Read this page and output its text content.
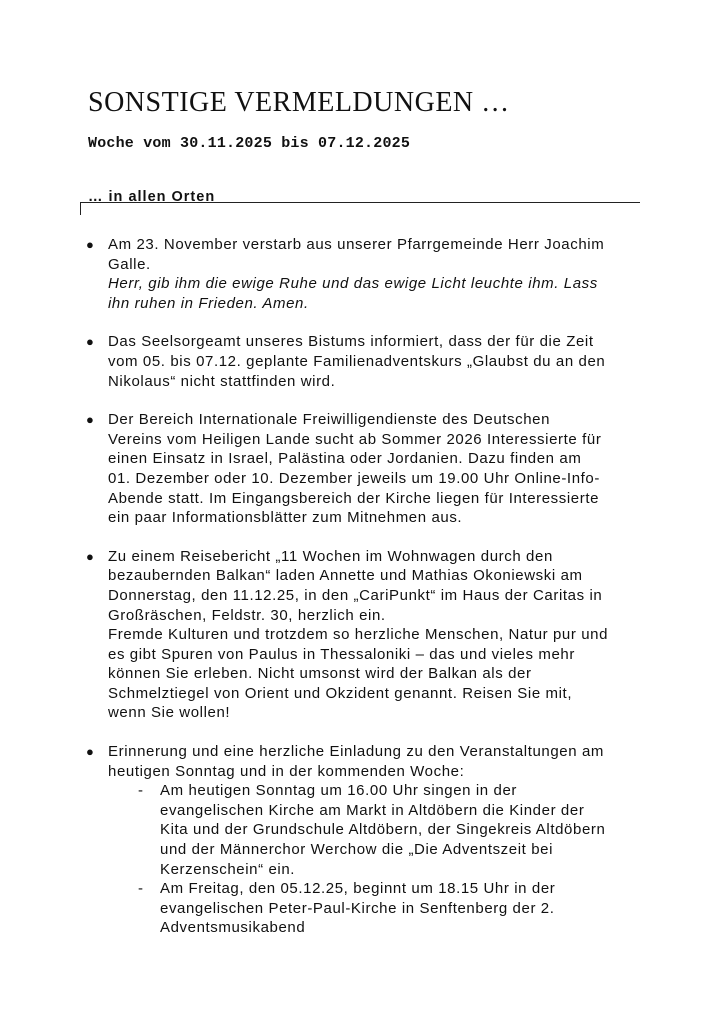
SONSTIGE VERMELDUNGEN …
Woche vom 30.11.2025 bis 07.12.2025
… in allen Orten
● Am 23. November verstarb aus unserer Pfarrgemeinde Herr Joachim
Galle.
Herr, gib ihm die ewige Ruhe und das ewige Licht leuchte ihm. Lass
ihn ruhen in Frieden. Amen.
● Das Seelsorgeamt unseres Bistums informiert, dass der für die Zeit
vom 05. bis 07.12. geplante Familienadventskurs „Glaubst du an den
Nikolaus“ nicht stattfinden wird.
● Der Bereich Internationale Freiwilligendienste des Deutschen
Vereins vom Heiligen Lande sucht ab Sommer 2026 Interessierte für
einen Einsatz in Israel, Palästina oder Jordanien. Dazu finden am
01. Dezember oder 10. Dezember jeweils um 19.00 Uhr Online-Info-
Abende statt. Im Eingangsbereich der Kirche liegen für Interessierte
ein paar Informationsblätter zum Mitnehmen aus.
● Zu einem Reisebericht „11 Wochen im Wohnwagen durch den
bezaubernden Balkan“ laden Annette und Mathias Okoniewski am
Donnerstag, den 11.12.25, in den „CariPunkt“ im Haus der Caritas in
Großräschen, Feldstr. 30, herzlich ein.
Fremde Kulturen und trotzdem so herzliche Menschen, Natur pur und
es gibt Spuren von Paulus in Thessaloniki – das und vieles mehr
können Sie erleben. Nicht umsonst wird der Balkan als der
Schmelztiegel von Orient und Okzident genannt. Reisen Sie mit,
wenn Sie wollen!
● Erinnerung und eine herzliche Einladung zu den Veranstaltungen am
heutigen Sonntag und in der kommenden Woche:
- Am heutigen Sonntag um 16.00 Uhr singen in der
evangelischen Kirche am Markt in Altdöbern die Kinder der
Kita und der Grundschule Altdöbern, der Singekreis Altdöbern
und der Männerchor Werchow die „Die Adventszeit bei
Kerzenschein“ ein.
- Am Freitag, den 05.12.25, beginnt um 18.15 Uhr in der
evangelischen Peter-Paul-Kirche in Senftenberg der 2.
Adventsmusikabend
